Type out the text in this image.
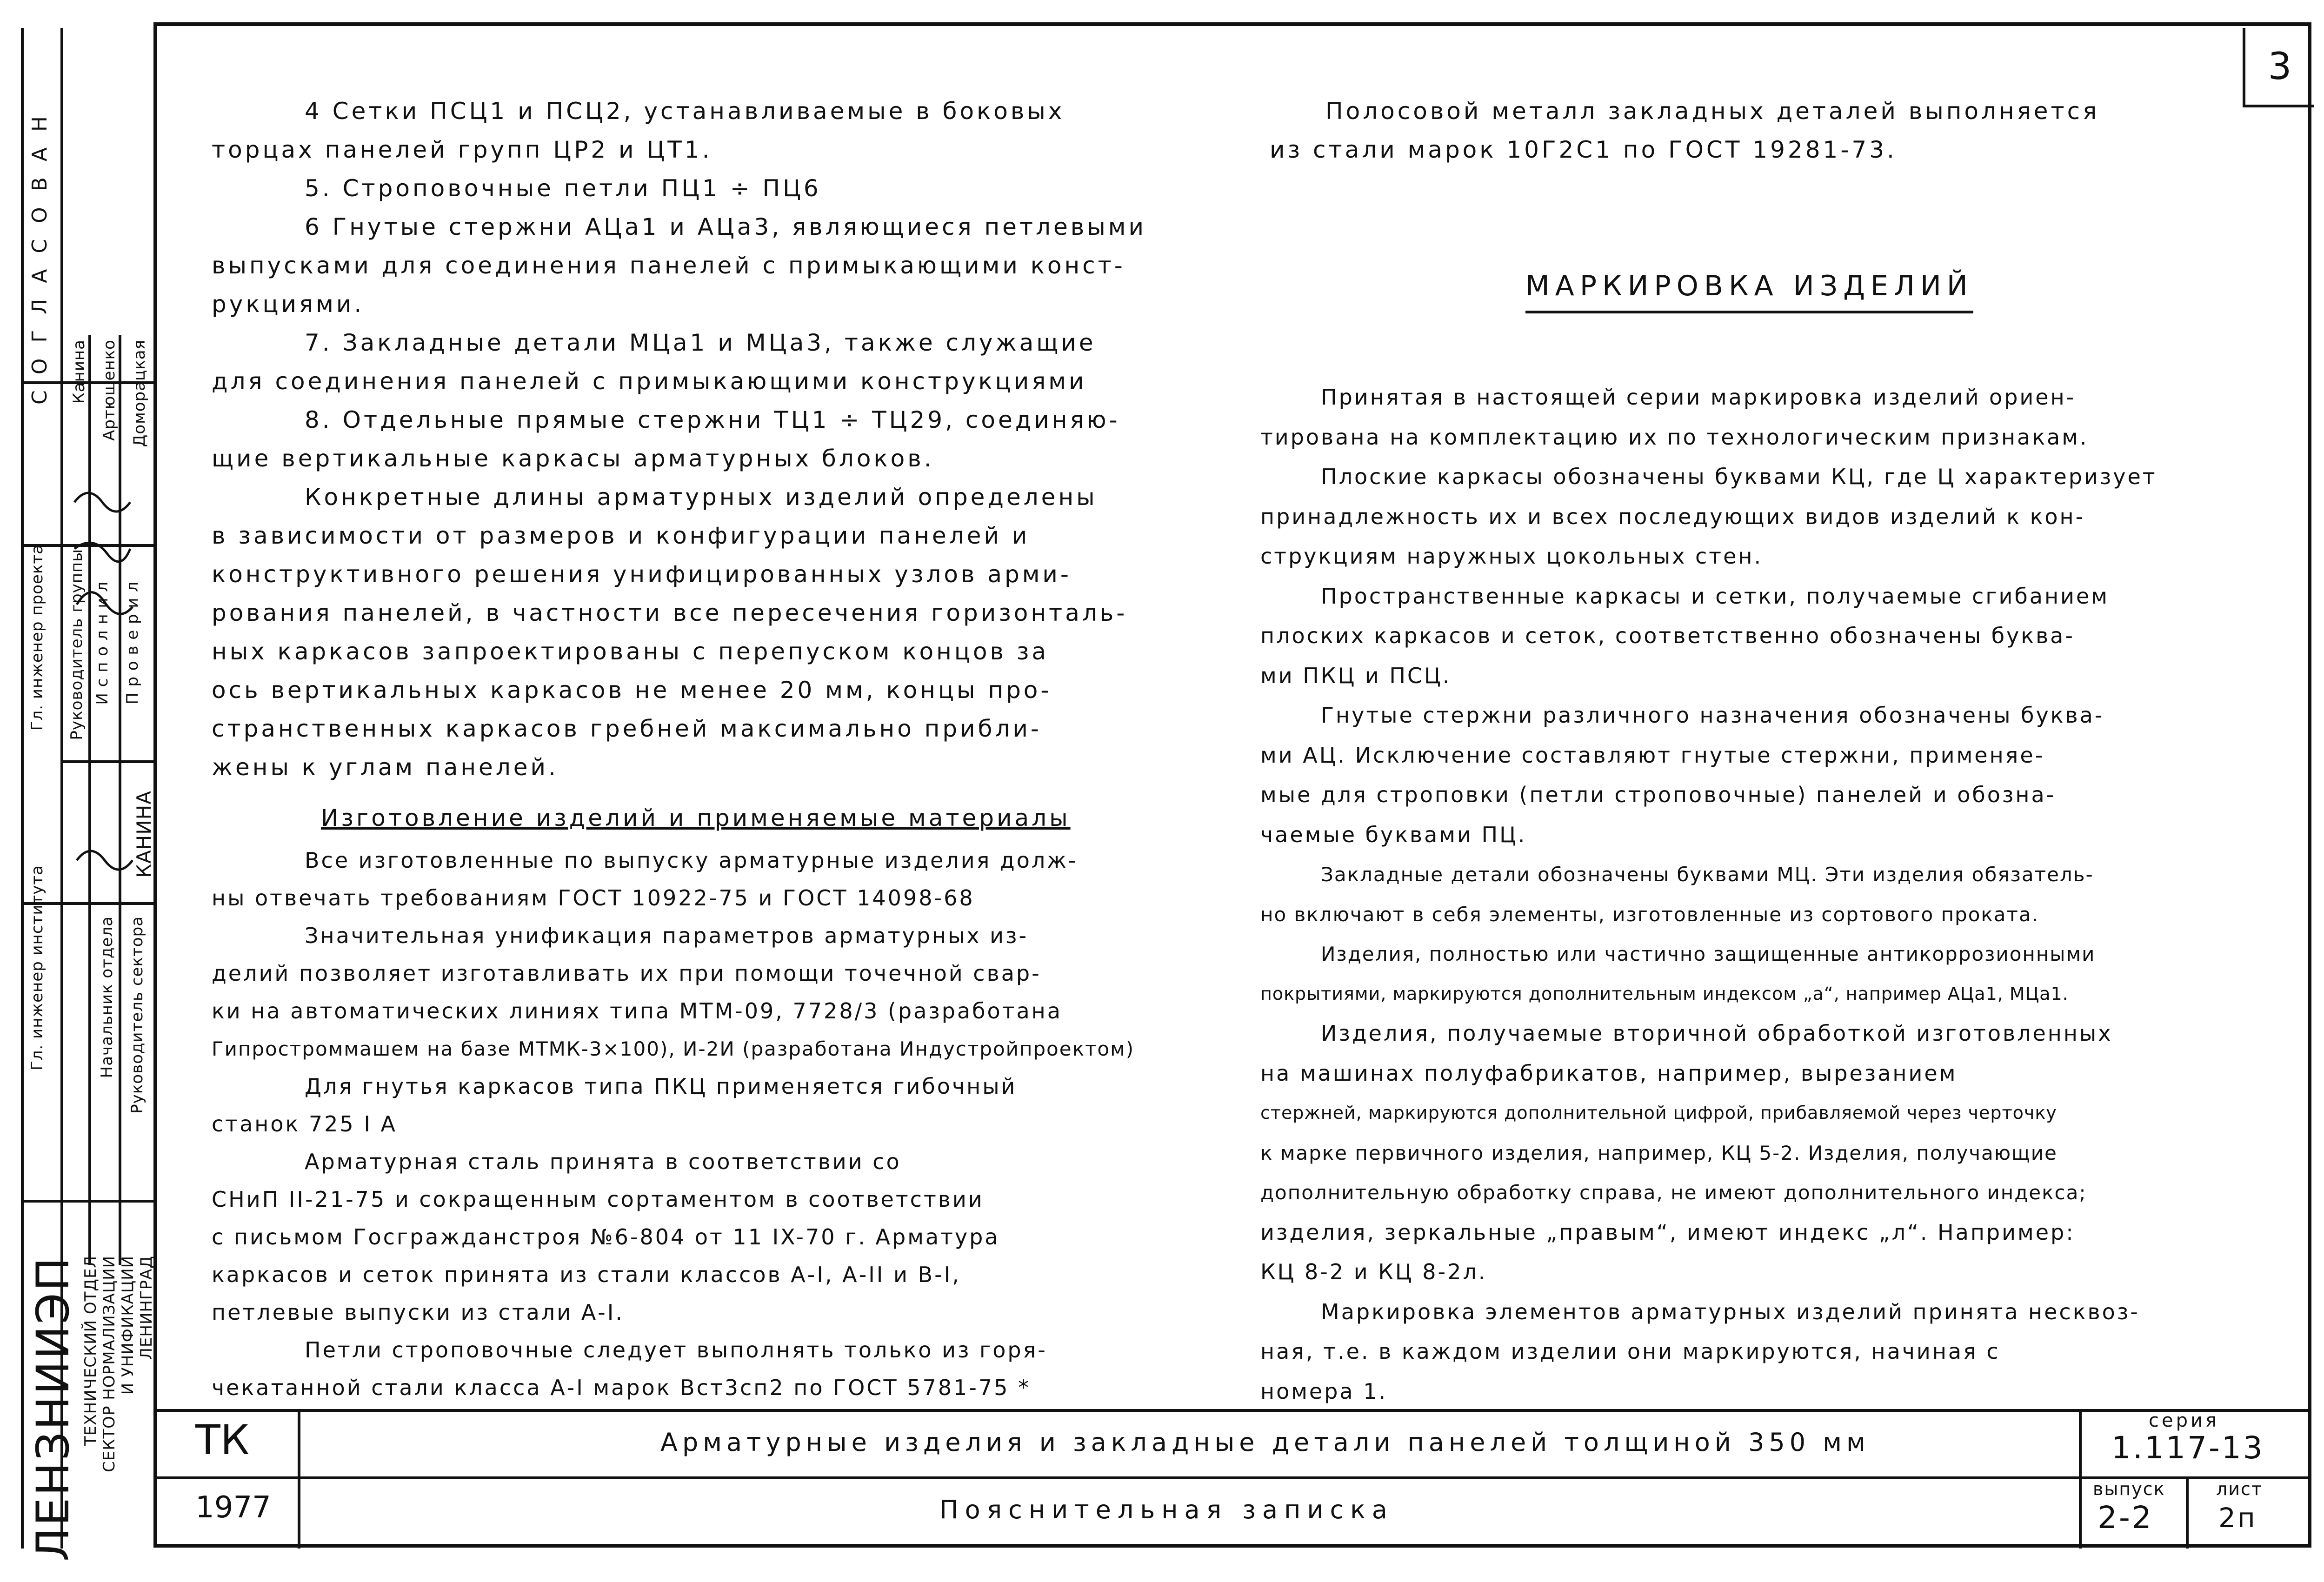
3
ЛЕНЗНИИЭП ТЕХНИЧЕСКИЙ ОТДЕЛ СЕКТОР НОРМАЛИЗАЦИИ И УНИФИКАЦИИ ЛЕНИНГРАД
С О Г Л А С О В А Н
Гл. инженер проекта Руководитель группы И с п о л н и л П р о в е р и л
Гл. инженер института	Начальник отдела Руководитель сектора
Канина Артюшенко Доморацкая
КАНИНА

4 Сетки ПСЦ1 и ПСЦ2, устанавливаемые в боковых

торцах панелей групп ЦР2 и ЦТ1.

5. Строповочные петли ПЦ1 ÷ ПЦ6

6 Гнутые стержни АЦа1 и АЦа3, являющиеся петлевыми

выпусками для соединения панелей с примыкающими конст-

рукциями.

7. Закладные детали МЦа1 и МЦа3, также служащие

для соединения панелей с примыкающими конструкциями

8. Отдельные прямые стержни ТЦ1 ÷ ТЦ29, соединяю-

щие вертикальные каркасы арматурных блоков.

Конкретные длины арматурных изделий определены

в зависимости от размеров и конфигурации панелей и

конструктивного решения унифицированных узлов арми-

рования панелей, в частности все пересечения горизонталь-

ных каркасов запроектированы с перепуском концов за

ось вертикальных каркасов не менее 20 мм, концы про-

странственных каркасов гребней максимально прибли-

жены к углам панелей.

Изготовление изделий и применяемые материалы

Все изготовленные по выпуску арматурные изделия долж-

ны отвечать требованиям ГОСТ 10922-75 и ГОСТ 14098-68

Значительная унификация параметров арматурных из-

делий позволяет изготавливать их при помощи точечной свар-

ки на автоматических линиях типа МТМ-09, 7728/3 (разработана

Гипростроммашем на базе МТМК-3×100), И-2И (разработана Индустройпроектом)

Для гнутья каркасов типа ПКЦ применяется гибочный

станок 725 I А

Арматурная сталь принята в соответствии со

СНиП II-21-75 и сокращенным сортаментом в соответствии

с письмом Госгражданстроя №6-804 от 11 IX-70 г. Арматура

каркасов и сеток принята из стали классов А-I, А-II и В-I,

петлевые выпуски из стали А-I.

Петли строповочные следует выполнять только из горя-

чекатанной стали класса А-I марок Вст3сп2 по ГОСТ 5781-75 *

Полосовой металл закладных деталей выполняется

из стали марок 10Г2С1 по ГОСТ 19281-73.

МАРКИРОВКА ИЗДЕЛИЙ

Принятая в настоящей серии маркировка изделий ориен-

тирована на комплектацию их по технологическим признакам.

Плоские каркасы обозначены буквами КЦ, где Ц характеризует

принадлежность их и всех последующих видов изделий к кон-

струкциям наружных цокольных стен.

Пространственные каркасы и сетки, получаемые сгибанием

плоских каркасов и сеток, соответственно обозначены буква-

ми ПКЦ и ПСЦ.

Гнутые стержни различного назначения обозначены буква-

ми АЦ. Исключение составляют гнутые стержни, применяе-

мые для строповки (петли строповочные) панелей и обозна-

чаемые буквами ПЦ.

Закладные детали обозначены буквами МЦ. Эти изделия обязатель-

но включают в себя элементы, изготовленные из сортового проката.

Изделия, полностью или частично защищенные антикоррозионными

покрытиями, маркируются дополнительным индексом „а“, например АЦа1, МЦа1.

Изделия, получаемые вторичной обработкой изготовленных

на машинах полуфабрикатов, например, вырезанием

стержней, маркируются дополнительной цифрой, прибавляемой через черточку

к марке первичного изделия, например, КЦ 5-2. Изделия, получающие

дополнительную обработку справа, не имеют дополнительного индекса;

изделия, зеркальные „правым“, имеют индекс „л“. Например:

КЦ 8-2 и КЦ 8-2л.

Маркировка элементов арматурных изделий принята несквоз-

ная, т.е. в каждом изделии они маркируются, начиная с

номера 1.

ТК
1977
Арматурные изделия и закладные детали панелей толщиной 350 мм
Пояснительная записка
серия
1.117-13
выпуск
2-2
лист
2п
